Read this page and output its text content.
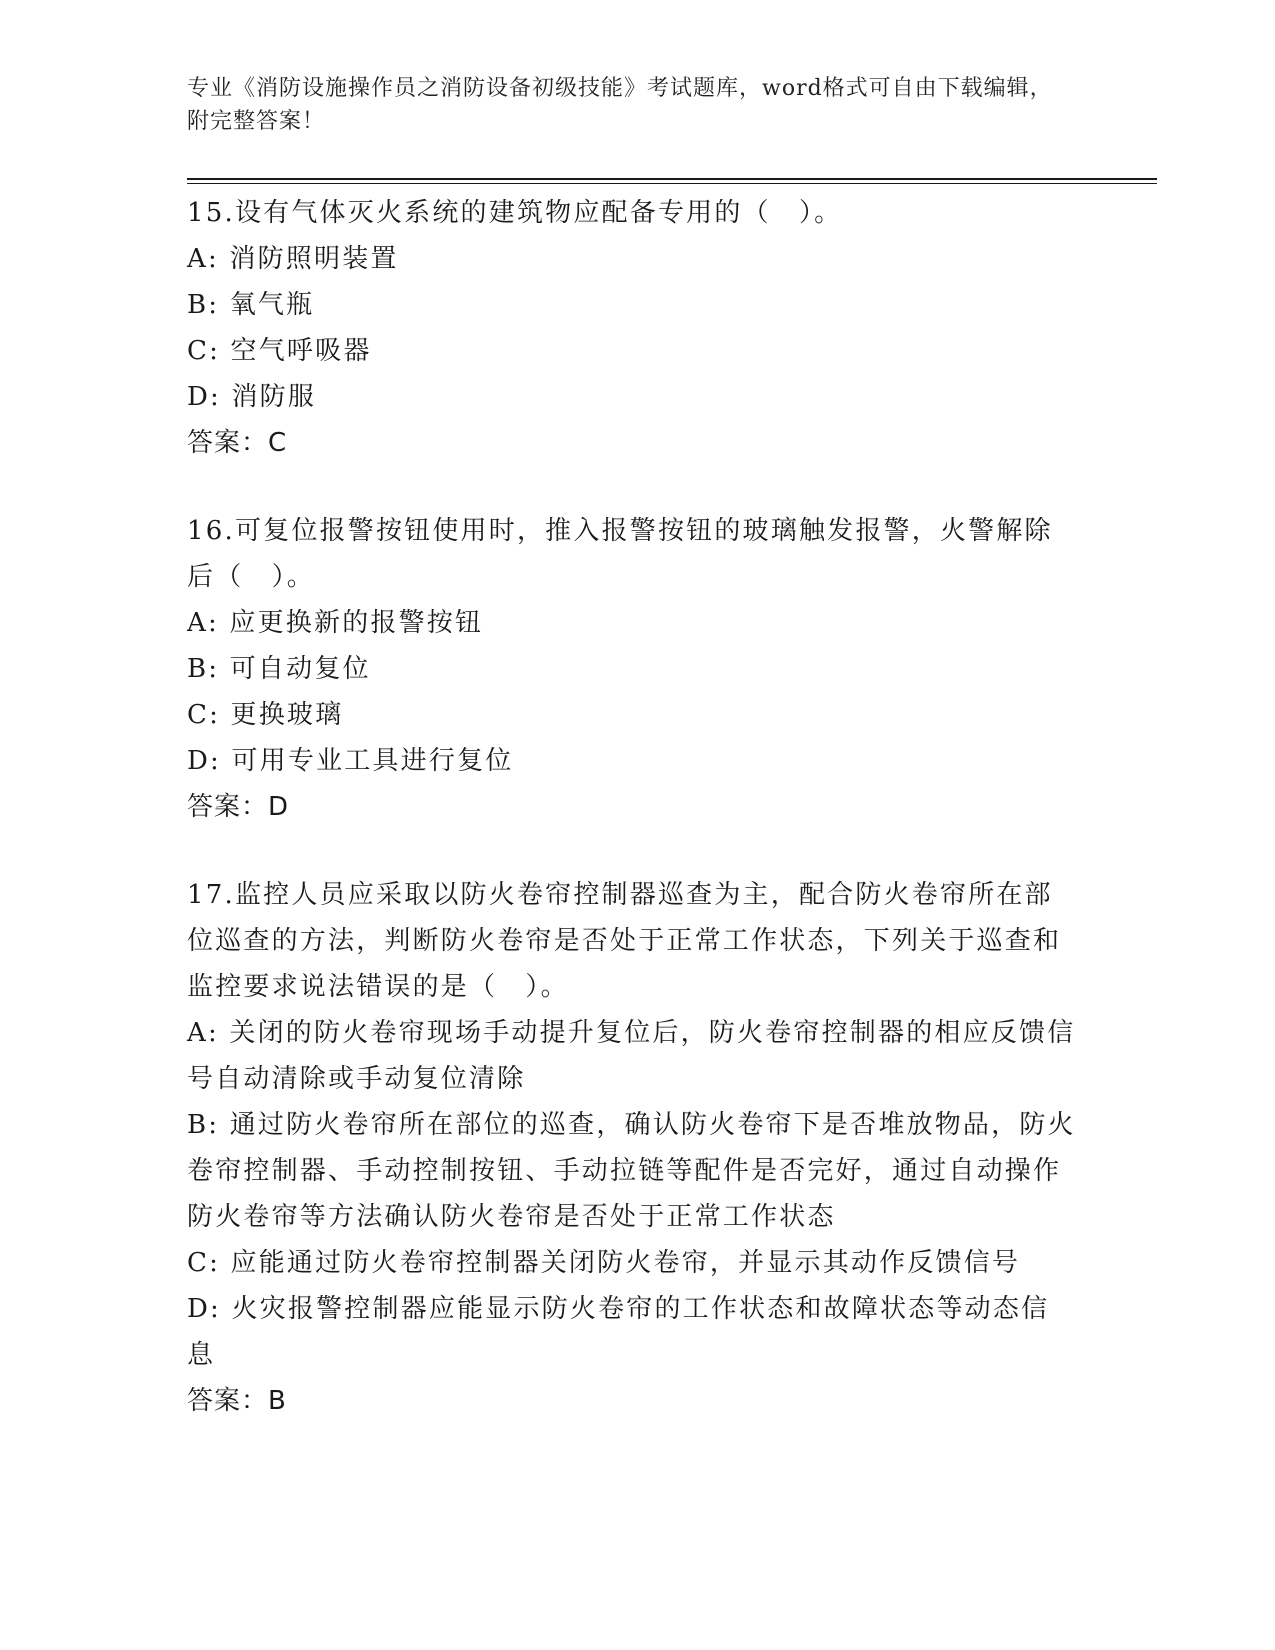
专业《消防设施操作员之消防设备初级技能》考试题库，word格式可自由下载编辑，附完整答案！

15.设有气体灭火系统的建筑物应配备专用的（　）。

A: 消防照明装置

B: 氧气瓶

C: 空气呼吸器

D: 消防服

答案：C

16.可复位报警按钮使用时，推入报警按钮的玻璃触发报警，火警解除后（　）。

A: 应更换新的报警按钮

B: 可自动复位

C: 更换玻璃

D: 可用专业工具进行复位

答案：D

17.监控人员应采取以防火卷帘控制器巡查为主，配合防火卷帘所在部位巡查的方法，判断防火卷帘是否处于正常工作状态，下列关于巡查和监控要求说法错误的是（　）。

A: 关闭的防火卷帘现场手动提升复位后，防火卷帘控制器的相应反馈信号自动清除或手动复位清除

B: 通过防火卷帘所在部位的巡查，确认防火卷帘下是否堆放物品，防火卷帘控制器、手动控制按钮、手动拉链等配件是否完好，通过自动操作防火卷帘等方法确认防火卷帘是否处于正常工作状态

C: 应能通过防火卷帘控制器关闭防火卷帘，并显示其动作反馈信号

D: 火灾报警控制器应能显示防火卷帘的工作状态和故障状态等动态信息

答案：B
